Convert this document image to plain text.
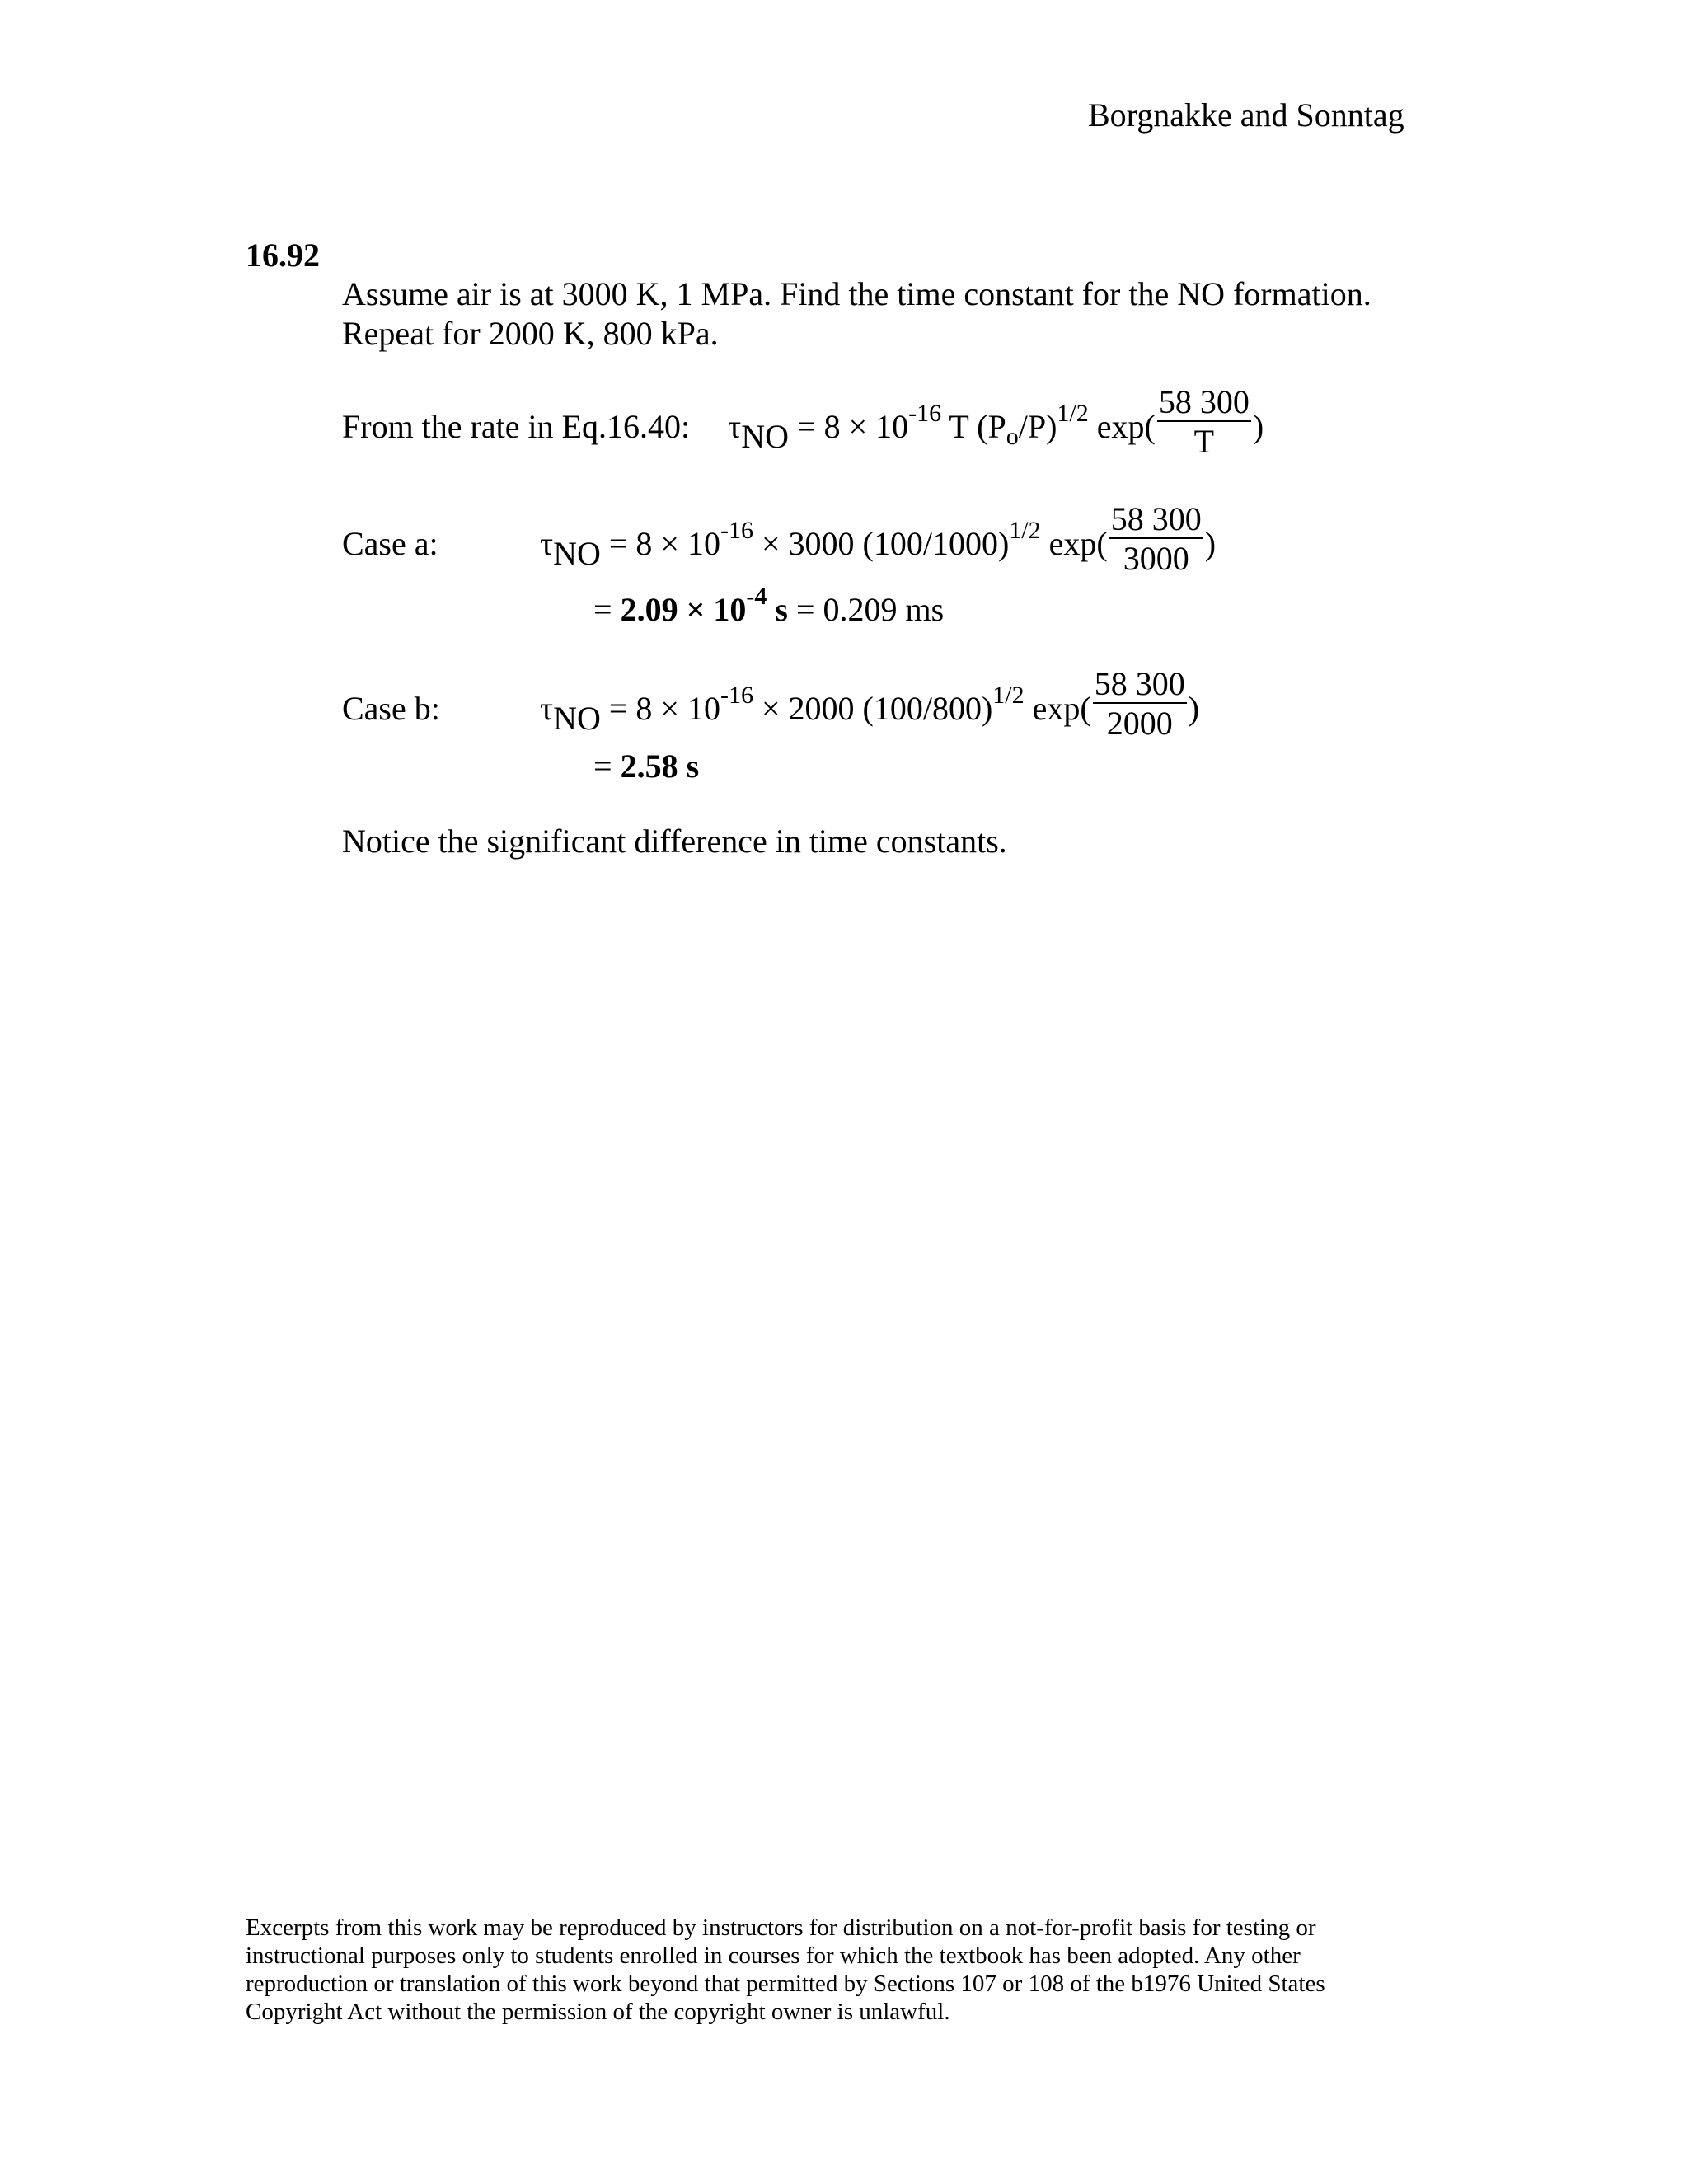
Borgnakke and Sonntag
16.92
Assume air is at 3000 K, 1 MPa. Find the time constant for the NO formation.
Repeat for 2000 K, 800 kPa.
From the rate in Eq.16.40: $\tau NO = 8 \times 10^{-16}$ T $(P_o/P)^{1/2}$ $\exp( \frac{58 300}{T}$ )
Case a:	$\tau NO = 8 \times 10^{-16} \times 3000$ $(100/1000)^{1/2}$ $\exp( \frac{58 300}{3000}$ )
= $2.09 \times 10^{-4}$ s = 0.209 ms
Case b:	$\tau NO = 8 \times 10^{-16} \times 2000$ $(100/800)^{1/2}$ $\exp( \frac{58 300}{2000}$ )
= 2.58 s
Notice the significant difference in time constants.
Excerpts from this work may be reproduced by instructors for distribution on a not-for-profit basis for testing or
instructional purposes only to students enrolled in courses for which the textbook has been adopted. Any other
reproduction or translation of this work beyond that permitted by Sections 107 or 108 of the b1976 United States
Copyright Act without the permission of the copyright owner is unlawful.
